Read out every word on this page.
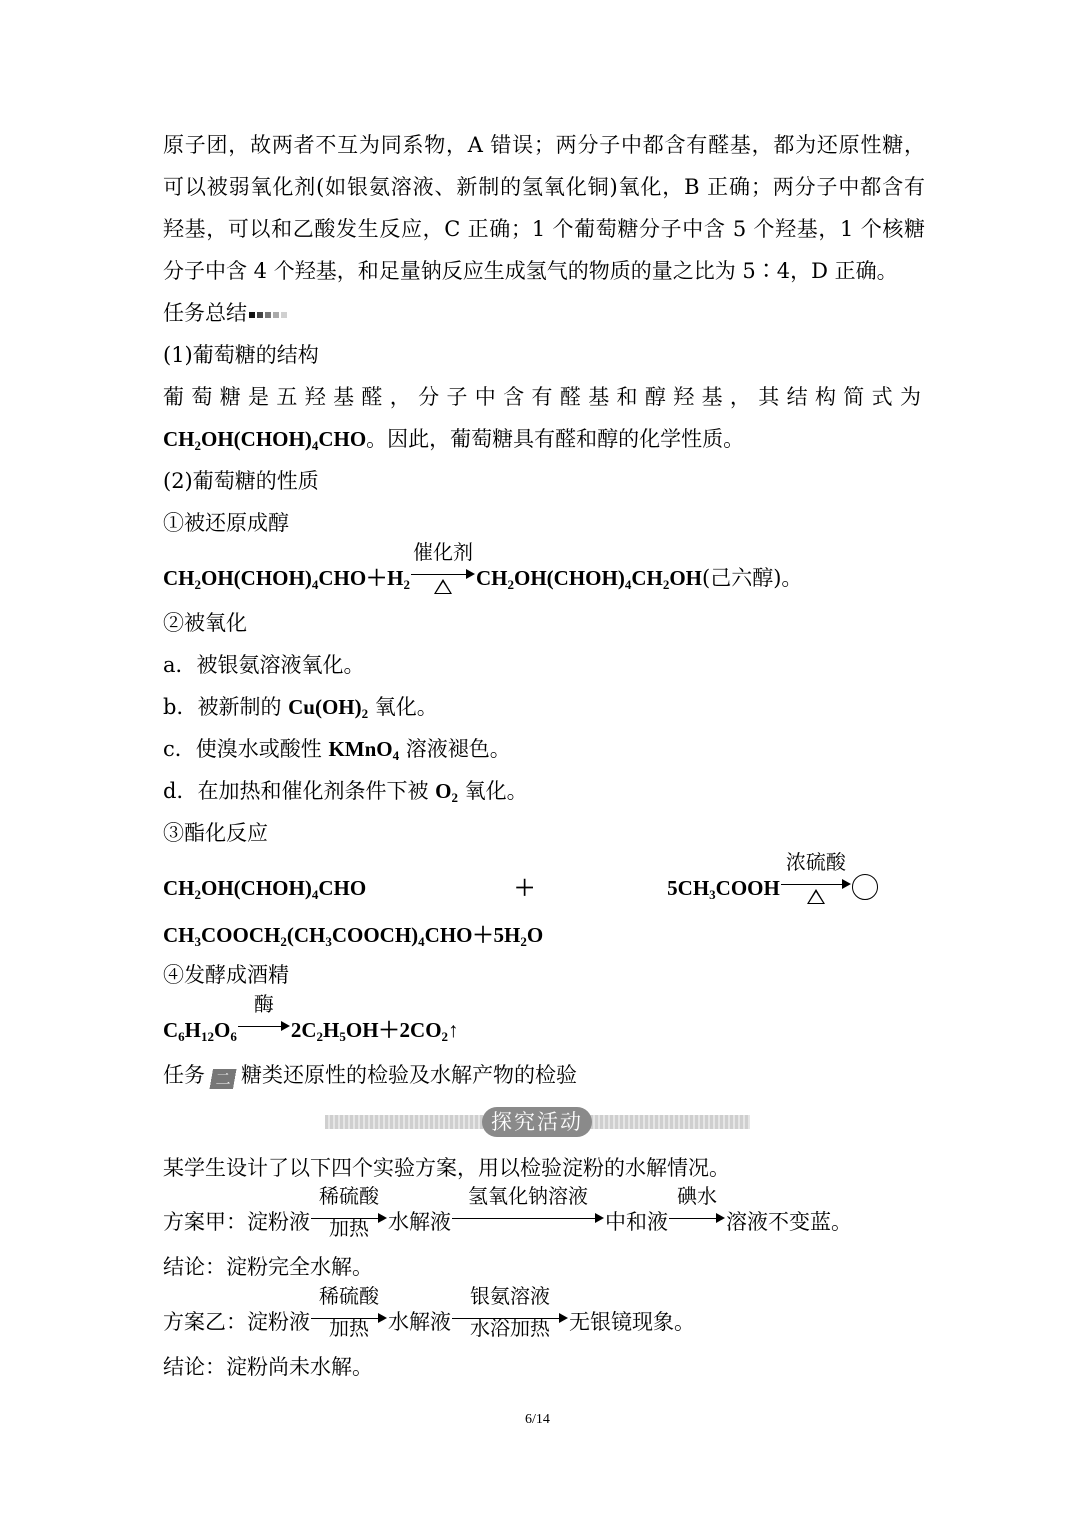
原子团，故两者不互为同系物，A 错误；两分子中都含有醛基，都为还原性糖，
可以被弱氧化剂(如银氨溶液、新制的氢氧化铜)氧化，B 正确；两分子中都含有
羟基，可以和乙酸发生反应，C 正确；1 个葡萄糖分子中含 5 个羟基，1 个核糖
分子中含 4 个羟基，和足量钠反应生成氢气的物质的量之比为 5∶4，D 正确。
任务总结
(1)葡萄糖的结构
葡萄糖是五羟基醛，分子中含有醛基和醇羟基，其结构简式为
$CH_2OH(CHOH)_4CHO$。因此，葡萄糖具有醛和醇的化学性质。
(2)葡萄糖的性质
①被还原成醇
$CH_2OH(CHOH)_4CHO+H_2$
催化剂
$CH_2OH(CHOH)_4CH_2OH$(己六醇)。
②被氧化
a．被银氨溶液氧化。
b．被新制的 $Cu(OH)_2$ 氧化。
c．使溴水或酸性 KMnO$_4$ 溶液褪色。
d．在加热和催化剂条件下被 $O_2$ 氧化。
③酯化反应
$CH_2OH(CHOH)_4CHO$	＋	$5CH_3COOH$
浓硫酸
$CH_3COOCH_2(CH_3COOCH)_4CHO+5H_2O$
④发酵成酒精
$C_6H_{12}O_6$
酶
$2C_2H_5OH+2CO_2↑$
任务 二 糖类还原性的检验及水解产物的检验
探究活动
某学生设计了以下四个实验方案，用以检验淀粉的水解情况。
方案甲：淀粉液
稀硫酸
加热 水解液
氢氧化钠溶液
中和液
碘水
溶液不变蓝。
结论：淀粉完全水解。
方案乙：淀粉液
稀硫酸
加热 水解液
银氨溶液
水浴加热 无银镜现象。
结论：淀粉尚未水解。
6/14
